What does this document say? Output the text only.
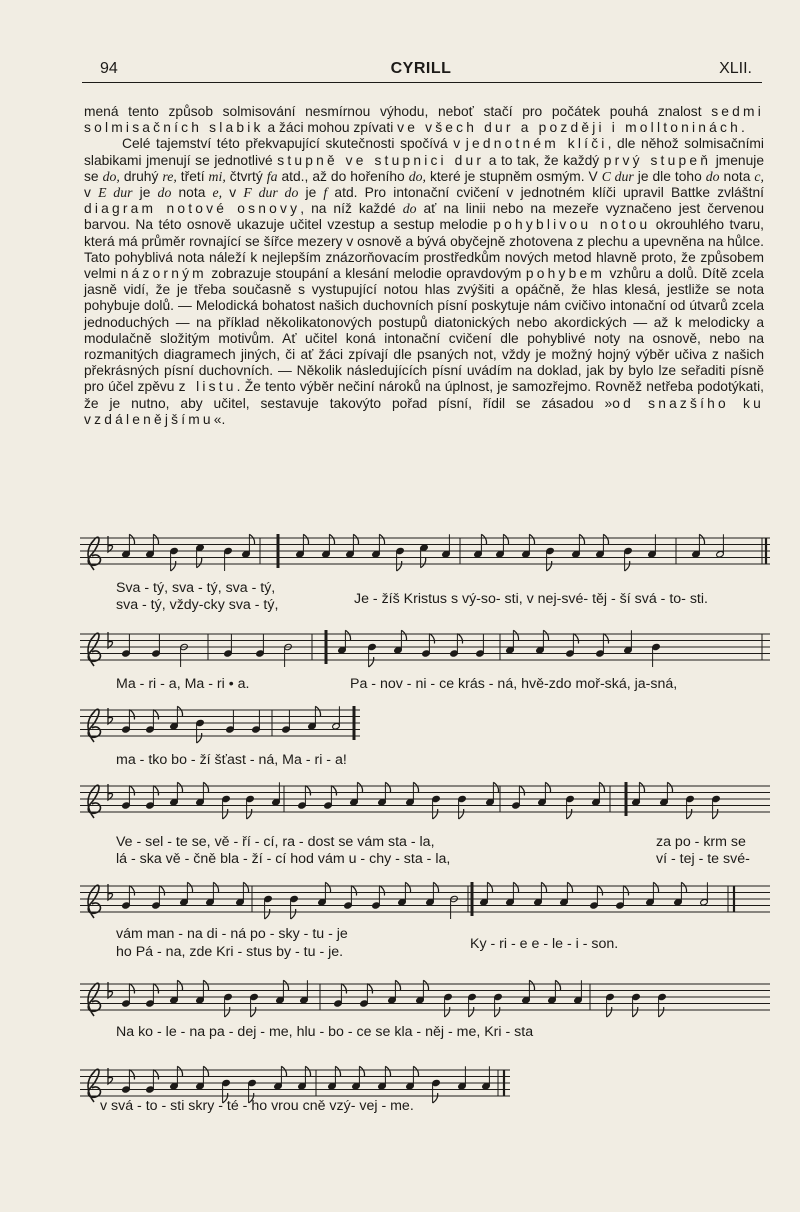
94	CYRILL	XLII.

mená tento způsob solmisování nesmírnou výhodu, neboť stačí pro počátek pouhá znalost sedmi solmisačních slabik a žáci mohou zpívati ve všech dur a později i molltoninách.

Celé tajemství této překvapující skutečnosti spočívá v jednotném klíči, dle něhož solmisačními slabikami jmenují se jednotlivé stupně ve stupnici dur a to tak, že každý prvý stupeň jmenuje se do, druhý re, třetí mi, čtvrtý fa atd., až do hořeního do, které je stupněm osmým. V C dur je dle toho do nota c, v E dur je do nota e, v F dur do je f atd. Pro intonační cvičení v jednotném klíči upravil Battke zvláštní diagram notové osnovy, na níž každé do ať na linii nebo na mezeře vyznačeno jest červenou barvou. Na této osnově ukazuje učitel vzestup a sestup melodie pohyblivou notou okrouhlého tvaru, která má průměr rovnající se šířce mezery v osnově a bývá obyčejně zhotovena z plechu a upevněna na hůlce. Tato pohyblivá nota náleží k nejlepším znázorňovacím prostředkům nových metod hlavně proto, že způsobem velmi názorným zobrazuje stoupání a klesání melodie opravdovým pohybem vzhůru a dolů. Dítě zcela jasně vidí, že je třeba současně s vystupující notou hlas zvýšiti a opáčně, že hlas klesá, jestliže se nota pohybuje dolů. — Melodická bohatost našich duchovních písní poskytuje nám cvičivo intonační od útvarů zcela jednoduchých — na příklad několikatonových postupů diatonických nebo akordických — až k melodicky a modulačně složitým motivům. Ať učitel koná intonační cvičení dle pohyblivé noty na osnově, nebo na rozmanitých diagramech jiných, či ať žáci zpívají dle psaných not, vždy je možný hojný výběr učiva z našich překrásných písní duchovních. — Několik následujících písní uvádím na doklad, jak by bylo lze seřaditi písně pro účel zpěvu z listu. Že tento výběr nečiní nároků na úplnost, je samozřejmo. Rovněž netřeba podotýkati, že je nutno, aby učitel, sestavuje takovýto pořad písní, řídil se zásadou »od snazšího ku vzdálenějšímu«.

Sva - tý, sva - tý, sva - tý,
sva - tý, vždy-cky sva - tý,	Je - žíš Kristus s vý-so- sti, v nej-své- těj - ší svá - to- sti.
Ma - ri - a, Ma - ri • a.	Pa - nov - ni - ce krás - ná, hvě-zdo moř-ská, ja-sná,
ma - tko bo - ží šťast - ná, Ma - ri - a!
Ve - sel - te se, vě - ří - cí, ra - dost se vám sta - la,
lá - ska vě - čně bla - ží - cí hod vám u - chy - sta - la,
za po - krm se
ví - tej - te své-
vám man - na di - ná po - sky - tu - je
ho Pá - na, zde Kri - stus by - tu - je.	Ky - ri - e e - le - i - son.
Na ko - le - na pa - dej - me, hlu - bo - ce se kla - něj - me, Kri - sta
v svá - to - sti skry - té - ho vrou cně vzý- vej - me.
